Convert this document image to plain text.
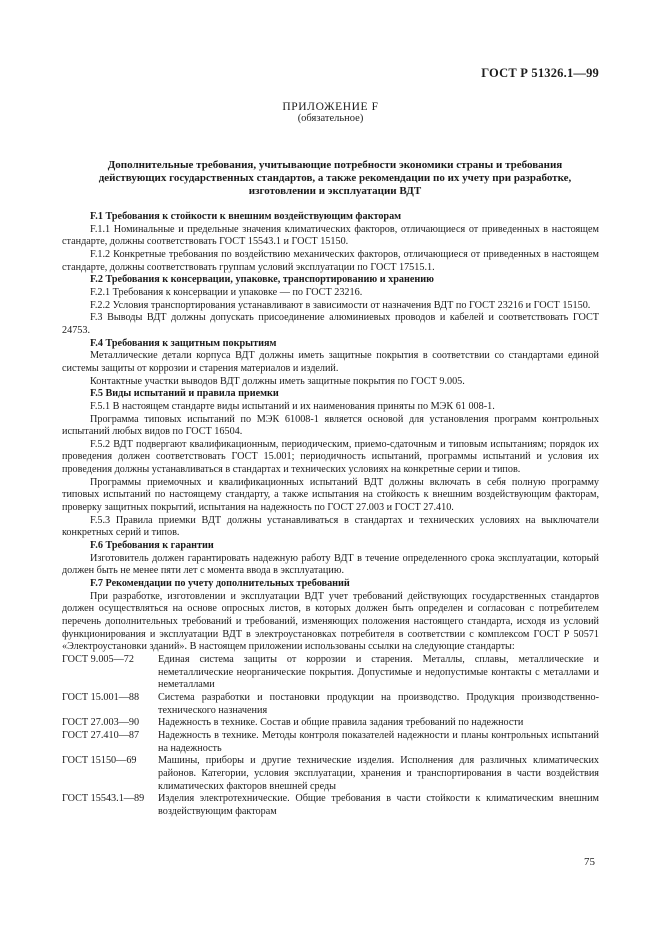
ГОСТ Р 51326.1—99
ПРИЛОЖЕНИЕ F
(обязательное)
Дополнительные требования, учитывающие потребности экономики страны и требования действующих государственных стандартов, а также рекомендации по их учету при разработке, изготовлении и эксплуатации ВДТ

F.1 Требования к стойкости к внешним воздействующим факторам

F.1.1 Номинальные и предельные значения климатических факторов, отличающиеся от приведенных в настоящем стандарте, должны соответствовать ГОСТ 15543.1 и ГОСТ 15150.

F.1.2 Конкретные требования по воздействию механических факторов, отличающиеся от приведенных в настоящем стандарте, должны соответствовать группам условий эксплуатации по ГОСТ 17515.1.

F.2 Требования к консервации, упаковке, транспортированию и хранению

F.2.1 Требования к консервации и упаковке — по ГОСТ 23216.

F.2.2 Условия транспортирования устанавливают в зависимости от назначения ВДТ по ГОСТ 23216 и ГОСТ 15150.

F.3 Выводы ВДТ должны допускать присоединение алюминиевых проводов и кабелей и соответствовать ГОСТ 24753.

F.4 Требования к защитным покрытиям

Металлические детали корпуса ВДТ должны иметь защитные покрытия в соответствии со стандартами единой системы защиты от коррозии и старения материалов и изделий.

Контактные участки выводов ВДТ должны иметь защитные покрытия по ГОСТ 9.005.

F.5 Виды испытаний и правила приемки

F.5.1 В настоящем стандарте виды испытаний и их наименования приняты по МЭК 61 008-1.

Программа типовых испытаний по МЭК 61008-1 является основой для установления программ контрольных испытаний любых видов по ГОСТ 16504.

F.5.2 ВДТ подвергают квалификационным, периодическим, приемо-сдаточным и типовым испытаниям; порядок их проведения должен соответствовать ГОСТ 15.001; периодичность испытаний, программы испытаний и условия их проведения должны устанавливаться в стандартах и технических условиях на конкретные серии и типов.

Программы приемочных и квалификационных испытаний ВДТ должны включать в себя полную программу типовых испытаний по настоящему стандарту, а также испытания на стойкость к внешним воздействующим факторам, проверку защитных покрытий, испытания на надежность по ГОСТ 27.003 и ГОСТ 27.410.

F.5.3 Правила приемки ВДТ должны устанавливаться в стандартах и технических условиях на выключатели конкретных серий и типов.

F.6 Требования к гарантии

Изготовитель должен гарантировать надежную работу ВДТ в течение определенного срока эксплуатации, который должен быть не менее пяти лет с момента ввода в эксплуатацию.

F.7 Рекомендации по учету дополнительных требований

При разработке, изготовлении и эксплуатации ВДТ учет требований действующих государственных стандартов должен осуществляться на основе опросных листов, в которых должен быть определен и согласован с потребителем перечень дополнительных требований и требований, изменяющих положения настоящего стандарта, исходя из условий функционирования и эксплуатации ВДТ в электроустановках потребителя в соответствии с комплексом ГОСТ Р 50571 «Электроустановки зданий». В настоящем приложении использованы ссылки на следующие стандарты:

ГОСТ 9.005—72	Единая система защиты от коррозии и старения. Металлы, сплавы, металлические и неметаллические неорганические покрытия. Допустимые и недопустимые контакты с металлами и неметаллами
ГОСТ 15.001—88	Система разработки и постановки продукции на производство. Продукция производственно-технического назначения
ГОСТ 27.003—90	Надежность в технике. Состав и общие правила задания требований по надежности
ГОСТ 27.410—87	Надежность в технике. Методы контроля показателей надежности и планы контрольных испытаний на надежность
ГОСТ 15150—69	Машины, приборы и другие технические изделия. Исполнения для различных климатических районов. Категории, условия эксплуатации, хранения и транспортирования в части воздействия климатических факторов внешней среды
ГОСТ 15543.1—89	Изделия электротехнические. Общие требования в части стойкости к климатическим внешним воздействующим факторам
75
